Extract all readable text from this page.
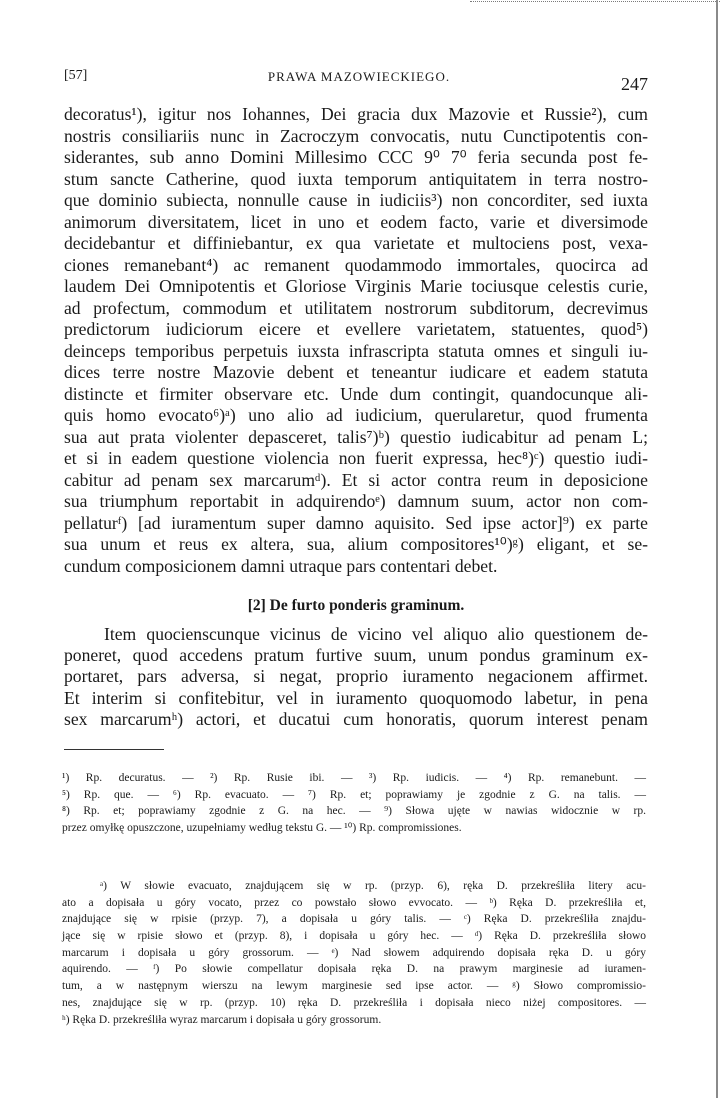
[57]	PRAWA MAZOWIECKIEGO.	247
decoratus¹), igitur nos Iohannes, Dei gracia dux Mazovie et Russie²), cum
nostris consiliariis nunc in Zacroczym convocatis, nutu Cunctipotentis con-
siderantes, sub anno Domini Millesimo CCC 9⁰ 7⁰ feria secunda post fe-
stum sancte Catherine, quod iuxta temporum antiquitatem in terra nostro-
que dominio subiecta, nonnulle cause in iudiciis³) non concorditer, sed iuxta
animorum diversitatem, licet in uno et eodem facto, varie et diversimode
decidebantur et diffiniebantur, ex qua varietate et multociens post, vexa-
ciones remanebant⁴) ac remanent quodammodo immortales, quocirca ad
laudem Dei Omnipotentis et Gloriose Virginis Marie tociusque celestis curie,
ad profectum, commodum et utilitatem nostrorum subditorum, decrevimus
predictorum iudiciorum eicere et evellere varietatem, statuentes, quod⁵)
deinceps temporibus perpetuis iuxsta infrascripta statuta omnes et singuli iu-
dices terre nostre Mazovie debent et teneantur iudicare et eadem statuta
distincte et firmiter observare etc. Unde dum contingit, quandocunque ali-
quis homo evocato⁶)ᵃ) uno alio ad iudicium, querularetur, quod frumenta
sua aut prata violenter depasceret, talis⁷)ᵇ) questio iudicabitur ad penam L;
et si in eadem questione violencia non fuerit expressa, hec⁸)ᶜ) questio iudi-
cabitur ad penam sex marcarumᵈ). Et si actor contra reum in deposicione
sua triumphum reportabit in adquirendoᵉ) damnum suum, actor non com-
pellaturᶠ) [ad iuramentum super damno aquisito. Sed ipse actor]⁹) ex parte
sua unum et reus ex altera, sua, alium compositores¹⁰)ᵍ) eligant, et se-
cundum composicionem damni utraque pars contentari debet.
[2] De furto ponderis graminum.
Item quocienscunque vicinus de vicino vel aliquo alio questionem de-
poneret, quod accedens pratum furtive suum, unum pondus graminum ex-
portaret, pars adversa, si negat, proprio iuramento negacionem affirmet.
Et interim si confitebitur, vel in iuramento quoquomodo labetur, in pena
sex marcarumʰ) actori, et ducatui cum honoratis, quorum interest penam
¹) Rp. decuratus. — ²) Rp. Rusie ibi. — ³) Rp. iudicis. — ⁴) Rp. remanebunt. —
⁵) Rp. que. — ⁶) Rp. evacuato. — ⁷) Rp. et; poprawiamy je zgodnie z G. na talis. —
⁸) Rp. et; poprawiamy zgodnie z G. na hec. — ⁹) Słowa ujęte w nawias widocznie w rp.
przez omyłkę opuszczone, uzupełniamy według tekstu G. — ¹⁰) Rp. compromissiones.
ᵃ) W słowie evacuato, znajdującem się w rp. (przyp. 6), ręka D. przekreśliła litery acu-
ato a dopisała u góry vocato, przez co powstało słowo evvocato. — ᵇ) Ręka D. przekreśliła et,
znajdujące się w rpisie (przyp. 7), a dopisała u góry talis. — ᶜ) Ręka D. przekreśliła znajdu-
jące się w rpisie słowo et (przyp. 8), i dopisała u góry hec. — ᵈ) Ręka D. przekreśliła słowo
marcarum i dopisała u góry grossorum. — ᵉ) Nad słowem adquirendo dopisała ręka D. u góry
aquirendo. — ᶠ) Po słowie compellatur dopisała ręka D. na prawym marginesie ad iuramen-
tum, a w następnym wierszu na lewym marginesie sed ipse actor. — ᵍ) Słowo compromissio-
nes, znajdujące się w rp. (przyp. 10) ręka D. przekreśliła i dopisała nieco niżej compositores. —
ʰ) Ręka D. przekreśliła wyraz marcarum i dopisała u góry grossorum.
